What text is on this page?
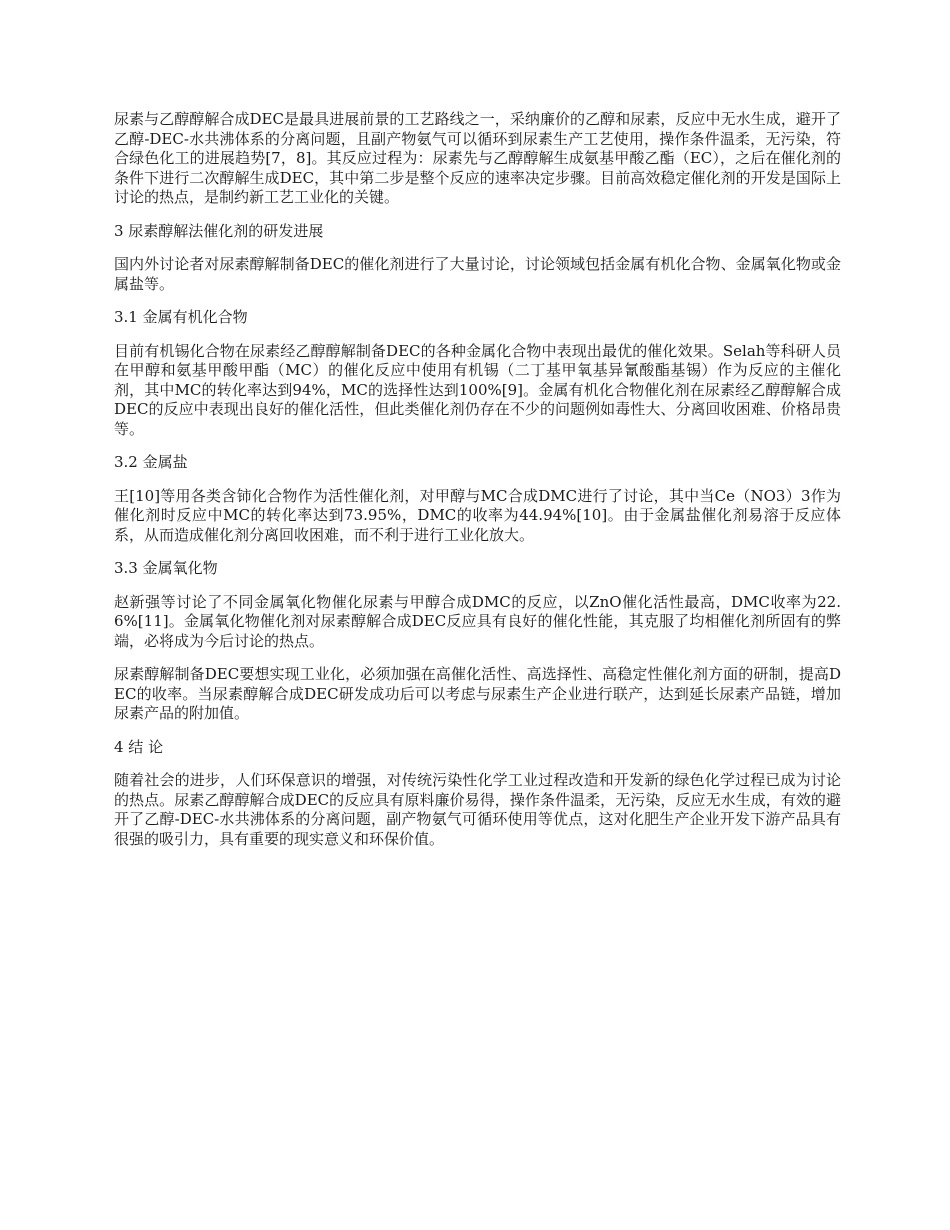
尿素与乙醇醇解合成DEC是最具进展前景的工艺路线之一，采纳廉价的乙醇和尿素，反应中无水生成，避开了乙醇-DEC-水共沸体系的分离问题，且副产物氨气可以循环到尿素生产工艺使用，操作条件温柔，无污染，符合绿色化工的进展趋势[7，8]。其反应过程为：尿素先与乙醇醇解生成氨基甲酸乙酯（EC），之后在催化剂的条件下进行二次醇解生成DEC，其中第二步是整个反应的速率决定步骤。目前高效稳定催化剂的开发是国际上讨论的热点，是制约新工艺工业化的关键。

3 尿素醇解法催化剂的研发进展

国内外讨论者对尿素醇解制备DEC的催化剂进行了大量讨论，讨论领域包括金属有机化合物、金属氧化物或金属盐等。

3.1 金属有机化合物

目前有机锡化合物在尿素经乙醇醇解制备DEC的各种金属化合物中表现出最优的催化效果。Selah等科研人员在甲醇和氨基甲酸甲酯（MC）的催化反应中使用有机锡（二丁基甲氧基异氰酸酯基锡）作为反应的主催化剂，其中MC的转化率达到94%，MC的选择性达到100%[9]。金属有机化合物催化剂在尿素经乙醇醇解合成DEC的反应中表现出良好的催化活性，但此类催化剂仍存在不少的问题例如毒性大、分离回收困难、价格昂贵等。

3.2 金属盐

王[10]等用各类含铈化合物作为活性催化剂，对甲醇与MC合成DMC进行了讨论，其中当Ce（NO3）3作为催化剂时反应中MC的转化率达到73.95%，DMC的收率为44.94%[10]。由于金属盐催化剂易溶于反应体系，从而造成催化剂分离回收困难，而不利于进行工业化放大。

3.3 金属氧化物

赵新强等讨论了不同金属氧化物催化尿素与甲醇合成DMC的反应，以ZnO催化活性最高，DMC收率为22.6%[11]。金属氧化物催化剂对尿素醇解合成DEC反应具有良好的催化性能，其克服了均相催化剂所固有的弊端，必将成为今后讨论的热点。

尿素醇解制备DEC要想实现工业化，必须加强在高催化活性、高选择性、高稳定性催化剂方面的研制，提高DEC的收率。当尿素醇解合成DEC研发成功后可以考虑与尿素生产企业进行联产，达到延长尿素产品链，增加尿素产品的附加值。

4 结 论

随着社会的进步，人们环保意识的增强，对传统污染性化学工业过程改造和开发新的绿色化学过程已成为讨论的热点。尿素乙醇醇解合成DEC的反应具有原料廉价易得，操作条件温柔，无污染，反应无水生成，有效的避开了乙醇-DEC-水共沸体系的分离问题，副产物氨气可循环使用等优点，这对化肥生产企业开发下游产品具有很强的吸引力，具有重要的现实意义和环保价值。
